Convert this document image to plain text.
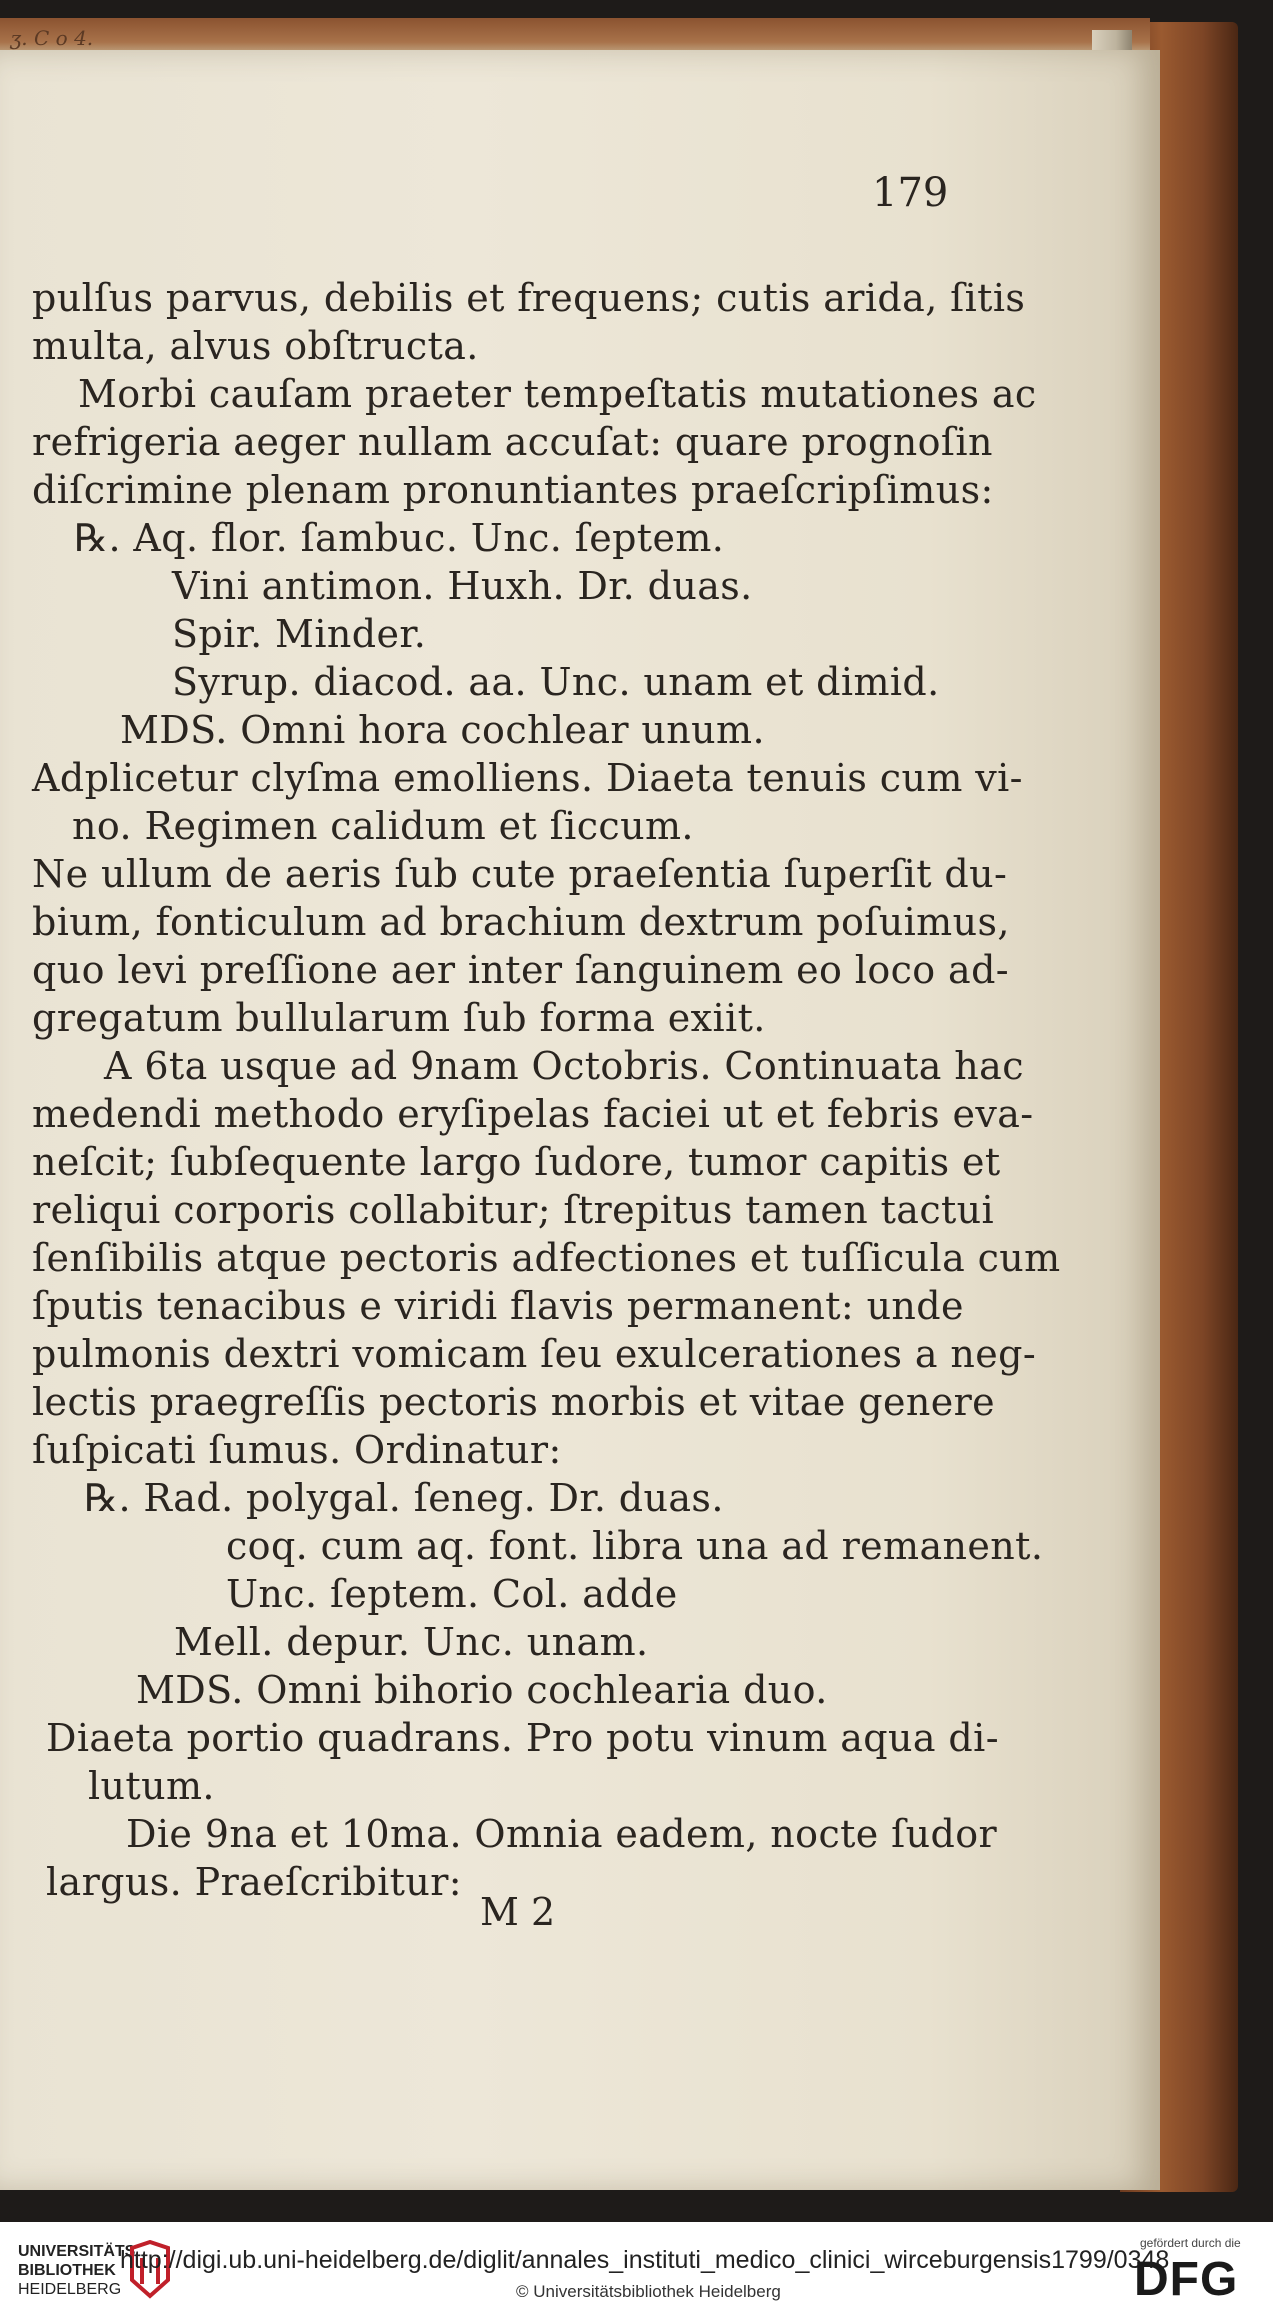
ʒ. C o 4.
179
pulſus parvus, debilis et frequens; cutis arida, ſitis
multa, alvus obſtructa.
Morbi cauſam praeter tempeſtatis mutationes ac
refrigeria aeger nullam accuſat: quare prognoſin
diſcrimine plenam pronuntiantes praeſcripſimus:
℞. Aq. flor. ſambuc. Unc. ſeptem.
Vini antimon. Huxh. Dr. duas.
Spir. Minder.
Syrup. diacod. aa. Unc. unam et dimid.
MDS. Omni hora cochlear unum.
Adplicetur clyſma emolliens. Diaeta tenuis cum vi-
no. Regimen calidum et ſiccum.
Ne ullum de aeris ſub cute praeſentia ſuperſit du-
bium, fonticulum ad brachium dextrum poſuimus,
quo levi preſſione aer inter ſanguinem eo loco ad-
gregatum bullularum ſub forma exiit.
A 6ta usque ad 9nam Octobris. Continuata hac
medendi methodo eryſipelas faciei ut et febris eva-
neſcit; ſubſequente largo ſudore, tumor capitis et
reliqui corporis collabitur; ſtrepitus tamen tactui
ſenſibilis atque pectoris adfectiones et tuſſicula cum
ſputis tenacibus e viridi flavis permanent: unde
pulmonis dextri vomicam ſeu exulcerationes a neg-
lectis praegreſſis pectoris morbis et vitae genere
ſuſpicati ſumus. Ordinatur:
℞. Rad. polygal. ſeneg. Dr. duas.
coq. cum aq. font. libra una ad remanent.
Unc. ſeptem. Col. adde
Mell. depur. Unc. unam.
MDS. Omni bihorio cochlearia duo.
Diaeta portio quadrans. Pro potu vinum aqua di-
lutum.
Die 9na et 10ma. Omnia eadem, nocte ſudor
largus. Praeſcribitur:
M 2
UNIVERSITÄTS
BIBLIOTHEK
HEIDELBERG
http://digi.ub.uni-heidelberg.de/diglit/annales_instituti_medico_clinici_wirceburgensis1799/0348
© Universitätsbibliothek Heidelberg
gefördert durch die
DFG
